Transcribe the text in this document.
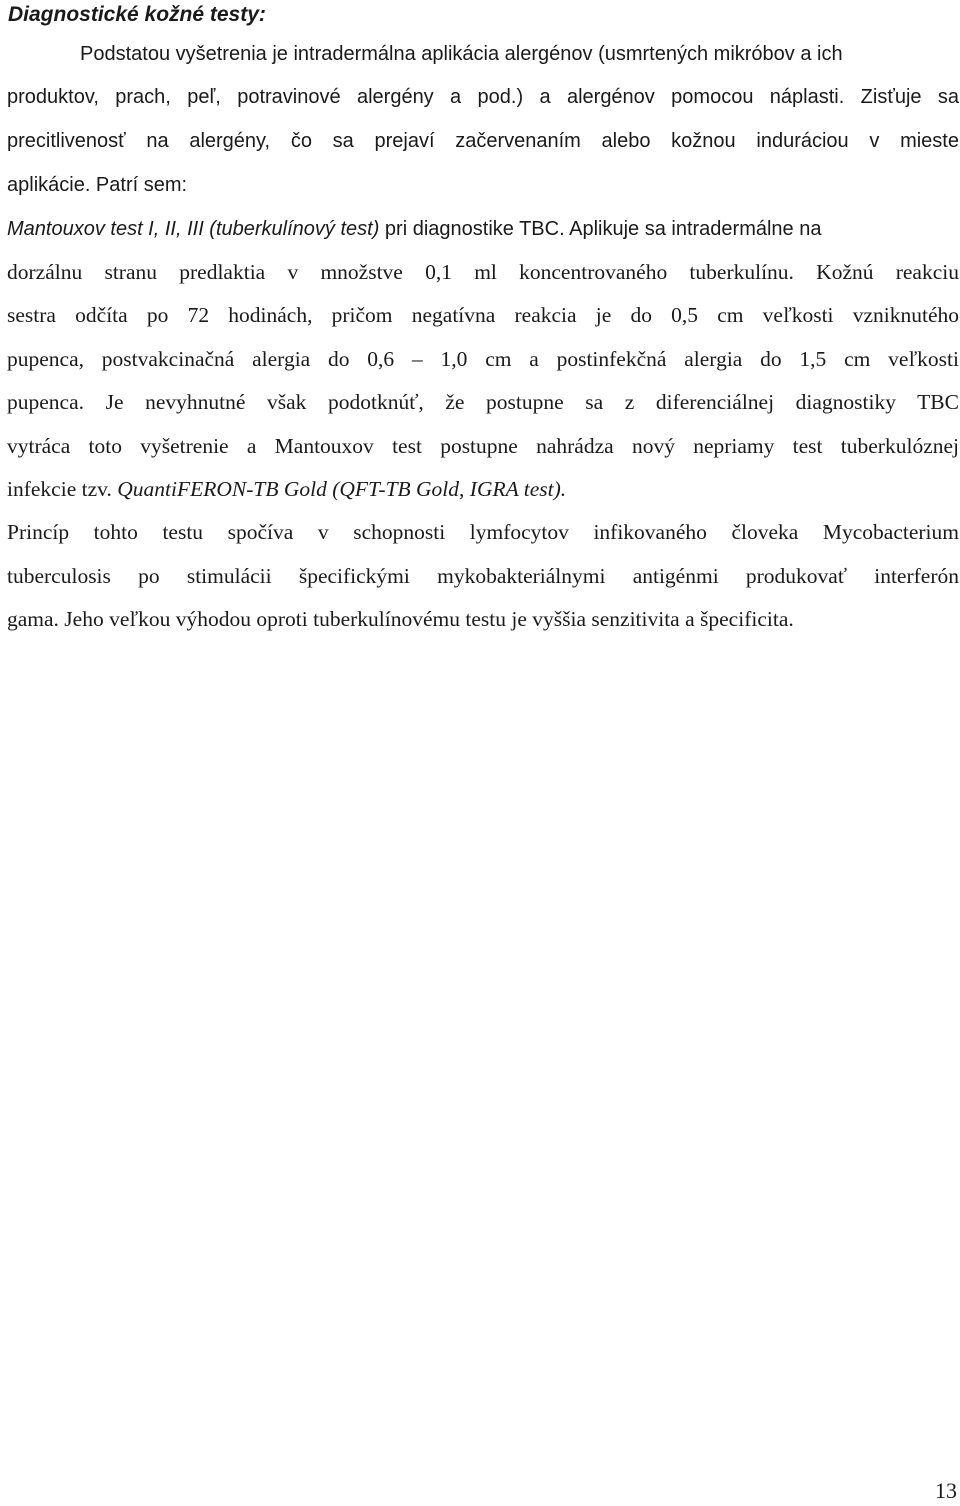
Diagnostické kožné testy:
Podstatou vyšetrenia je intradermálna aplikácia alergénov (usmrtených mikróbov a ich
produktov, prach, peľ, potravinové alergény a pod.) a alergénov pomocou náplasti. Zisťuje sa
precitlivenosť na alergény, čo sa prejaví začervenaním alebo kožnou induráciou v mieste
aplikácie. Patrí sem:
Mantouxov test I, II, III (tuberkulínový test) pri diagnostike TBC. Aplikuje sa intradermálne na
dorzálnu stranu predlaktia v množstve 0,1 ml koncentrovaného tuberkulínu. Kožnú reakciu
sestra odčíta po 72 hodinách, pričom negatívna reakcia je do 0,5 cm veľkosti vzniknutého
pupenca, postvakcinačná alergia do 0,6 – 1,0 cm a postinfekčná alergia do 1,5 cm veľkosti
pupenca. Je nevyhnutné však podotknúť, že postupne sa z diferenciálnej diagnostiky TBC
vytráca toto vyšetrenie a Mantouxov test postupne nahrádza nový nepriamy test tuberkulóznej
infekcie tzv. QuantiFERON-TB Gold (QFT-TB Gold, IGRA test).
Princíp tohto testu spočíva v schopnosti lymfocytov infikovaného človeka Mycobacterium
tuberculosis po stimulácii špecifickými mykobakteriálnymi antigénmi produkovať interferón
gama. Jeho veľkou výhodou oproti tuberkulínovému testu je vyššia senzitivita a špecificita.
13
